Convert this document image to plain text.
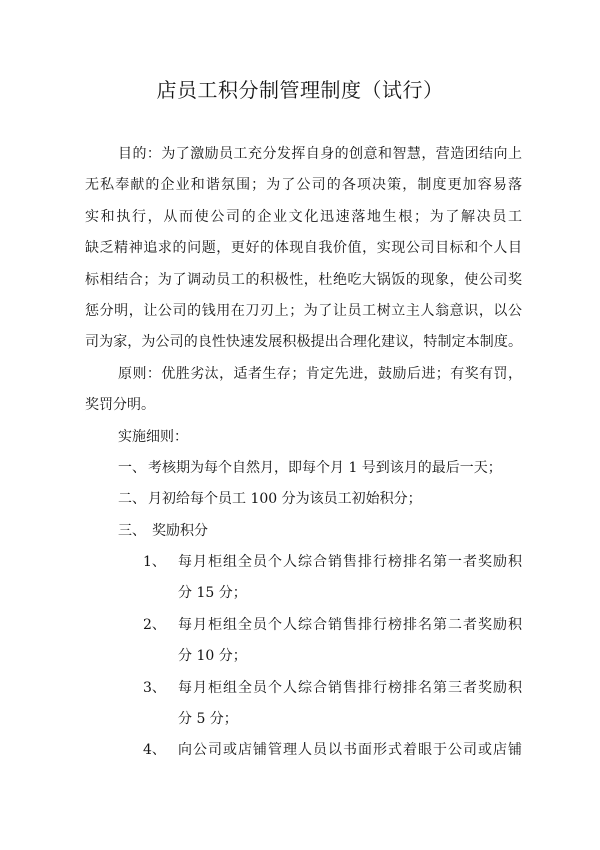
店员工积分制管理制度（试行）
目的：为了激励员工充分发挥自身的创意和智慧，营造团结向上
无私奉献的企业和谐氛围；为了公司的各项决策，制度更加容易落
实和执行，从而使公司的企业文化迅速落地生根；为了解决员工
缺乏精神追求的问题，更好的体现自我价值，实现公司目标和个人目
标相结合；为了调动员工的积极性，杜绝吃大锅饭的现象，使公司奖
惩分明，让公司的钱用在刀刃上；为了让员工树立主人翁意识，以公
司为家，为公司的良性快速发展积极提出合理化建议，特制定本制度。
原则：优胜劣汰，适者生存；肯定先进，鼓励后进；有奖有罚，
奖罚分明。
实施细则：
一、 考核期为每个自然月，即每个月 1 号到该月的最后一天；
二、 月初给每个员工 100 分为该员工初始积分；
三、 奖励积分
1、 每月柜组全员个人综合销售排行榜排名第一者奖励积
分 15 分；
2、 每月柜组全员个人综合销售排行榜排名第二者奖励积
分 10 分；
3、 每月柜组全员个人综合销售排行榜排名第三者奖励积
分 5 分；
4、 向公司或店铺管理人员以书面形式着眼于公司或店铺
